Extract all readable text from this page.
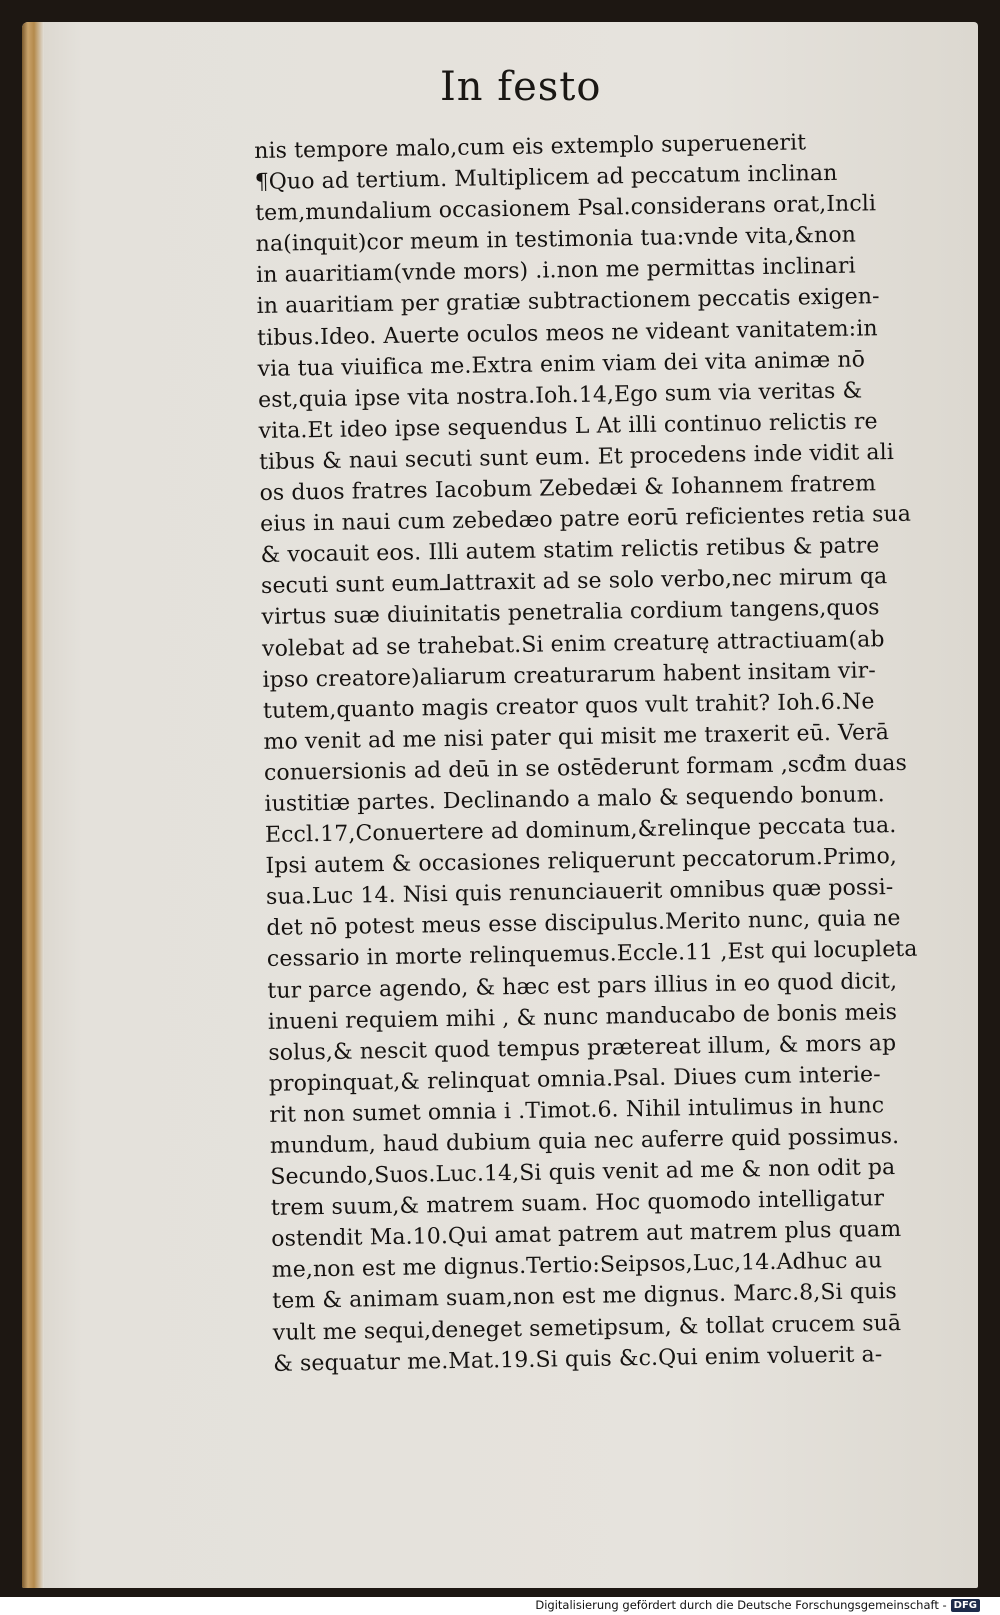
In festo
nis tempore malo,cum eis extemplo superuenerit
¶Quo ad tertium. Multiplicem ad peccatum inclinan
tem,mundalium occasionem Psal.considerans orat,Incli
na(inquit)cor meum in testimonia tua:vnde vita,&non
in auaritiam(vnde mors) .i.non me permittas inclinari
in auaritiam per gratiæ subtractionem peccatis exigen-
tibus.Ideo. Auerte oculos meos ne videant vanitatem:in
via tua viuifica me.Extra enim viam dei vita animæ nō
est,quia ipse vita nostra.Ioh.14,Ego sum via veritas &
vita.Et ideo ipse sequendus L At illi continuo relictis re
tibus & naui secuti sunt eum. Et procedens inde vidit ali
os duos fratres Iacobum Zebedæi & Iohannem fratrem
eius in naui cum zebedæo patre eorū reficientes retia sua
& vocauit eos. Illi autem statim relictis retibus & patre
secuti sunt eum⅃attraxit ad se solo verbo,nec mirum qa
virtus suæ diuinitatis penetralia cordium tangens,quos
volebat ad se trahebat.Si enim creaturę attractiuam(ab
ipso creatore)aliarum creaturarum habent insitam vir-
tutem,quanto magis creator quos vult trahit? Ioh.6.Ne
mo venit ad me nisi pater qui misit me traxerit eū. Verā
conuersionis ad deū in se ostēderunt formam ,scđm duas
iustitiæ partes. Declinando a malo & sequendo bonum.
Eccl.17,Conuertere ad dominum,&relinque peccata tua.
Ipsi autem & occasiones reliquerunt peccatorum.Primo,
sua.Luc 14. Nisi quis renunciauerit omnibus quæ possi-
det nō potest meus esse discipulus.Merito nunc, quia ne
cessario in morte relinquemus.Eccle.11 ,Est qui locupleta
tur parce agendo, & hæc est pars illius in eo quod dicit,
inueni requiem mihi , & nunc manducabo de bonis meis
solus,& nescit quod tempus prætereat illum, & mors ap
propinquat,& relinquat omnia.Psal. Diues cum interie-
rit non sumet omnia i .Timot.6. Nihil intulimus in hunc
mundum, haud dubium quia nec auferre quid possimus.
Secundo,Suos.Luc.14,Si quis venit ad me & non odit pa
trem suum,& matrem suam. Hoc quomodo intelligatur
ostendit Ma.10.Qui amat patrem aut matrem plus quam
me,non est me dignus.Tertio:Seipsos,Luc,14.Adhuc au
tem & animam suam,non est me dignus. Marc.8,Si quis
vult me sequi,deneget semetipsum, & tollat crucem suā
& sequatur me.Mat.19.Si quis &c.Qui enim voluerit a-
Digitalisierung gefördert durch die Deutsche Forschungsgemeinschaft - DFG
